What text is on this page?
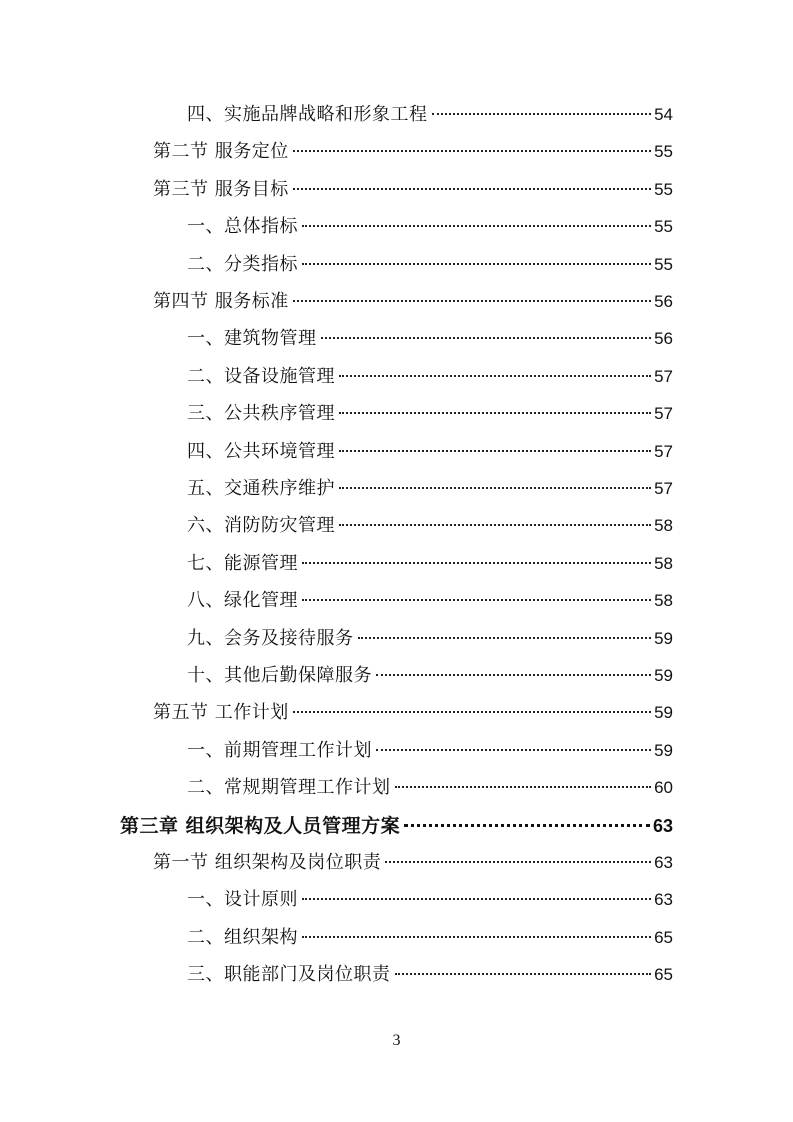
四、实施品牌战略和形象工程	54
第二节 服务定位	55
第三节 服务目标	55
一、总体指标	55
二、分类指标	55
第四节 服务标准	56
一、建筑物管理	56
二、设备设施管理	57
三、公共秩序管理	57
四、公共环境管理	57
五、交通秩序维护	57
六、消防防灾管理	58
七、能源管理	58
八、绿化管理	58
九、会务及接待服务	59
十、其他后勤保障服务	59
第五节 工作计划	59
一、前期管理工作计划	59
二、常规期管理工作计划	60
第三章 组织架构及人员管理方案	63
第一节 组织架构及岗位职责	63
一、设计原则	63
二、组织架构	65
三、职能部门及岗位职责	65
3
